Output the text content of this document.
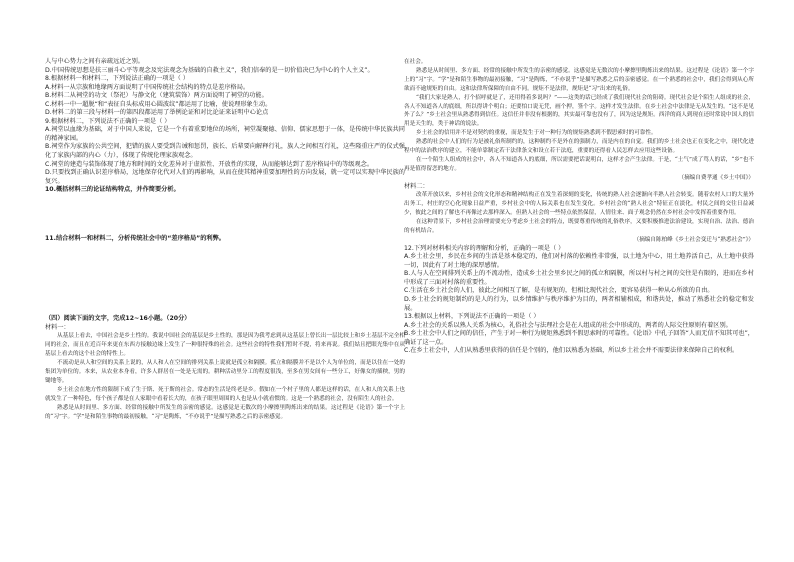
人与中心势力之间有亲疏远近之别。

D.中国传统思想是扶三丽斗心平等观念及宪法观念为基础的自救主义”，我们信奉的是一切价值决已为中心的个人主义”。

8.根据材料一和材料二，下列说法正确的一项是（ ）

A.材料一从宗族和地缘两方面说明了中国传统社会结构的特点是差序格局。

B.材料二从祠堂的功文（祭祀）与静文化（建筑装饰）两方面说明了祠堂的功能。

C.材料一中一超脱“和“表征自头标成用心圆波纹”都运用了比喻，使说理形象生动。

D.材料二的第三段与材料一的第四段都运用了举例论证和对比论证来证明中心论点

9.根据材料二，下列说法不正确的一项是（ ）

A.祠堂以血缘为基础，对于中国人来说，它是一个有着重要地位的场所，祠堂凝聚德、信仰、儒家思想于一体，是传统中华民族共同的精神家园。

B.祠堂作为家族的公共空间，犯错的族人要受到告诫和惩罚，族长、后辈要向解释行礼，族人之间相互行礼，这些隆重庄严的仪式强化了家族内部的内心（力），体现了传统伦理家族观念。

C.祠堂的建造与装饰体现了地方和时间的文化差异对于虚拟性、开放性的实现，从而能够达到了差序格局中的等级观念。

D.只要找到正确认识差序格局，远地保存化代对人们的再影响，从而在使其精神重要加理性的方向发展，就一定可以实现中华民族的复兴。

10.概括材料三的论证结构特点，并作简要分析。

11.结合材料一和材料二，分析传统社会中的“差序格局”的利弊。

（四）阅读下面的文字，完成12~16小题。（20分）

材料一：

从基层上看去，中国社会是乡土性的。我说中国社会的基层是乡土性的，那是因为我考虑到从这基层上曾长出一层比较上和乡土基层不完全相同的社会，而且在近百年来更在东西方接触边缘上发生了一种很特殊的社会。这些社会的特性我们暂时不提，将来再说。我们姑且把眼光集中在从基层上看去的这个社会的特性上。

不流动是从人和空间的关系上说的，从人和人在空间的排列关系上说就是孤立和隔膜。孤立和隔膜并不是以个人为单位的，而是以住在一处的集团为单位的。本来，从农业本身看，许多人群居在一处是无需的。耕种活动里分工的程度很浅，至多在男女间有一些分工，好像女的插秧，男的锄地等。

乡土社会在地方性的限制下成了生于斯、死于斯的社会。常态的生活是终老是乡。假如在一个村子里的人都是这样的话，在人和人的关系上也就发生了一种特色，每个孩子都是在人家眼中看着长大的，在孩子眼里周围的人也是从小就看惯的。这是一个熟悉的社会，没有陌生人的社会。

熟悉是从时间里、多方面、经常的接触中所发生的亲密的感觉。这感觉是无数次的小摩擦里陶炼出来的结果。这过程是《论语》第一个字上的“习”字。“学”是和陌生事物的最初接触，“习”是陶炼，“不亦说乎”是描写熟悉之后的亲密感觉。

在社会。

熟悉是从时间里、多方面、经常的接触中所发生的亲密的感觉。这感觉是无数次的小摩擦里陶炼出来的结果。这过程是《论语》第一个字上的“习”字。“学”是和陌生事物的最初接触，“习”是陶炼，“不亦说乎”是描写熟悉之后的亲密感觉。在一个熟悉的社会中，我们会得到从心所欲而不逾规矩的自由。这和法律所保障的自由不同。规矩不是法律，规矩是“习”出来的礼俗。

“我们大家是熟人，打个招呼就是了，还用得着多说吗？”——这类的话已经成了我们现代社会的阻碍。现代社会是个陌生人组成的社会，各人不知道各人的底细，所以得讲个明白；还要怕口说无凭，画个押，签个字。这样才发生法律。在乡土社会中法律是无从发生的。“这不是见外了么？”乡土社会里从熟悉得到信任。这信任并非没有根据的，其实最可靠也没有了，因为这是规矩。西洋的商人到现在还时常说中国人的信用是天生的，类于神话的说法。

乡土社会的信用并不是对契约的重视，而是发生于对一种行为的规矩熟悉到不假思索时的可靠性。

熟悉的社会中人们的行为是被礼俗所制约的，这种制约不是外在的强制力，而是内在的自觉。我们的乡土社会也正在变化之中，现代化进程中的法治秩序的建立，不能单靠制定若干法律条文和设立若干法庭，重要的还得看人民怎样去应用这些设备。

在一个陌生人组成的社会中，各人不知道各人的底细，所以需要把话说明白，这样才会产生法律。于是，“土气”成了骂人的话，“乡”也不再是值得留恋的地方。

（摘编自费孝通《乡土中国》）

材料二：

改革开放以来，乡村社会的文化形态和精神结构正在发生着深刻的变化，传统的熟人社会逐渐向半熟人社会转变。随着农村人口的大量外出务工，村庄的空心化现象日益严重，乡村社会中的人际关系也在发生变化。乡村社会的“熟人社会”特征正在淡化，村民之间的交往日益减少，彼此之间的了解也不再像过去那样深入。但熟人社会的一些特点依然保留，人情往来、面子观念仍然在乡村社会中发挥着重要作用。

在这种背景下，乡村社会治理需要充分考虑乡土社会的特点，既要尊重传统的礼俗秩序，又要积极推进法治建设，实现自治、法治、德治的有机结合。

（摘编自陈柏峰《乡土社会变迁与“熟悉社会”》）

12.下列对材料相关内容的理解和分析，正确的一项是（ ）

A.乡土社会里，乡民在乡间的生活是基本稳定的，他们对村落的依赖性非常强，以土地为中心，用土地养活自己，从土地中获得一切，因此有了对土地的深厚感情。

B.人与人在空间排列关系上的不流动性，造成乡土社会里乡民之间的孤立和隔膜，所以村与村之间的交往是有限的，进而在乡村中形成了三面对村落的重要性。

C.生活在乡土社会的人们，彼此之间相互了解，是有规矩的，但相比现代社会，更容易获得一种从心所欲的自由。

D.乡土社会的规矩制约的是人的行为，以乡情维护与秩序维护为目的，两者相辅相成，和谐共处，推动了熟悉社会的稳定和发展。

13.根据以上材料，下列说法不正确的一项是（ ）

A.乡土社会的关系以熟人关系为核心，礼俗社会与法理社会是在人组成的社会中形成的，两者的人际交往原则有着区别。

B.乡土社会中人们之间的信任，产生于对一种行为规矩熟悉到不假思索时的可靠性。《论语》中孔子回答“人而无信不知其可也”，确证了这一点。

C.在乡土社会中，人们从熟悉里获得的信任是个别的，他们以熟悉为基础，所以乡土社会并不需要法律来保障自己的权利。
